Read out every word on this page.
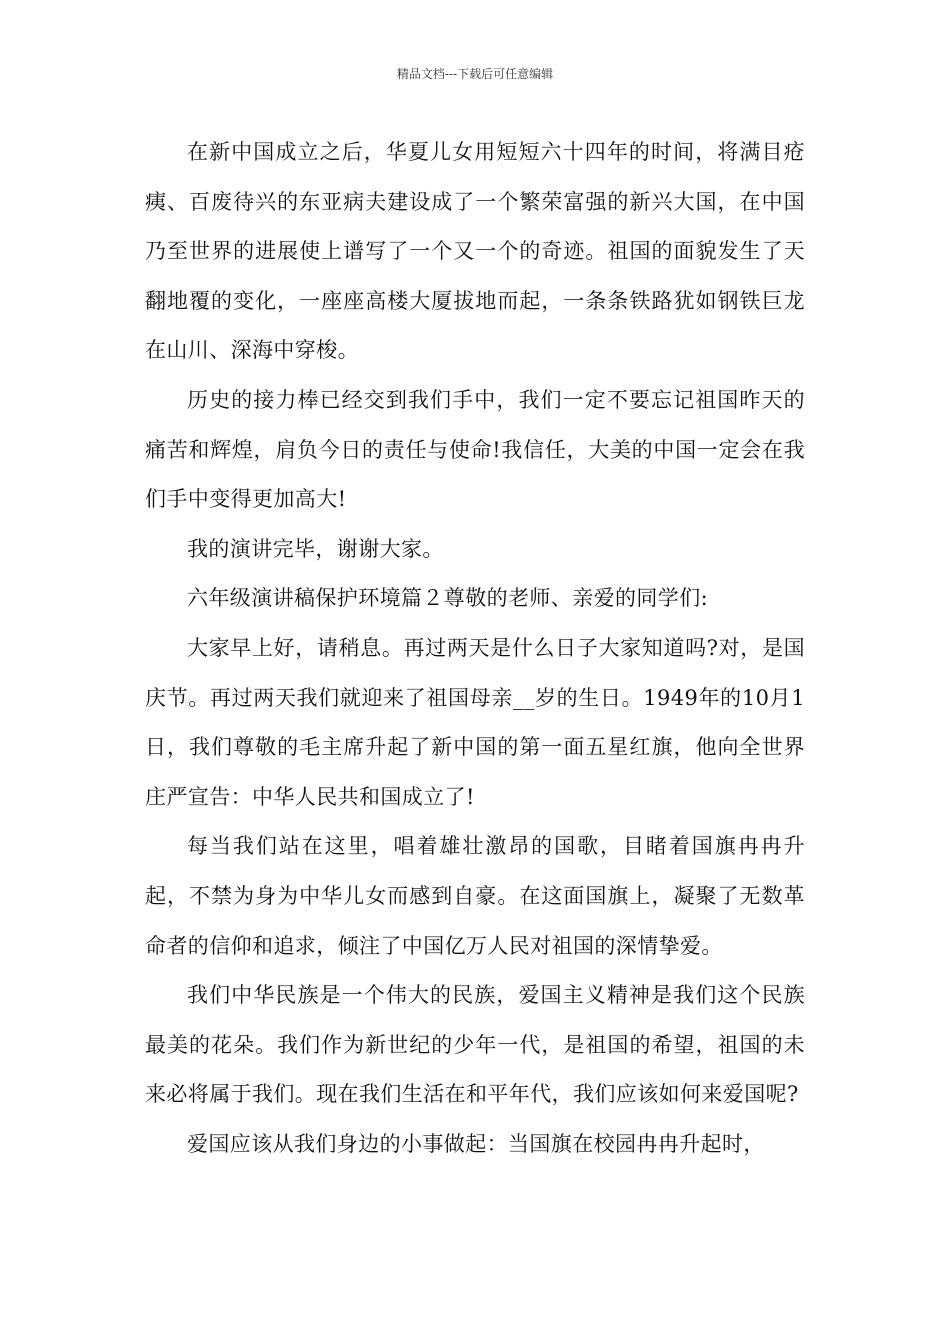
精品文档---下载后可任意编辑

在新中国成立之后，华夏儿女用短短六十四年的时间，将满目疮痍、百废待兴的东亚病夫建设成了一个繁荣富强的新兴大国，在中国乃至世界的进展使上谱写了一个又一个的奇迹。祖国的面貌发生了天翻地覆的变化，一座座高楼大厦拔地而起，一条条铁路犹如钢铁巨龙在山川、深海中穿梭。

历史的接力棒已经交到我们手中，我们一定不要忘记祖国昨天的痛苦和辉煌，肩负今日的责任与使命!我信任，大美的中国一定会在我们手中变得更加高大!

我的演讲完毕，谢谢大家。

六年级演讲稿保护环境篇２尊敬的老师、亲爱的同学们:

大家早上好，请稍息。再过两天是什么日子大家知道吗?对，是国庆节。再过两天我们就迎来了祖国母亲__岁的生日。1949年的10月1日，我们尊敬的毛主席升起了新中国的第一面五星红旗，他向全世界庄严宣告：中华人民共和国成立了!

每当我们站在这里，唱着雄壮激昂的国歌，目睹着国旗冉冉升起，不禁为身为中华儿女而感到自豪。在这面国旗上，凝聚了无数革命者的信仰和追求，倾注了中国亿万人民对祖国的深情挚爱。

我们中华民族是一个伟大的民族，爱国主义精神是我们这个民族最美的花朵。我们作为新世纪的少年一代，是祖国的希望，祖国的未来必将属于我们。现在我们生活在和平年代，我们应该如何来爱国呢?

爱国应该从我们身边的小事做起：当国旗在校园冉冉升起时，
